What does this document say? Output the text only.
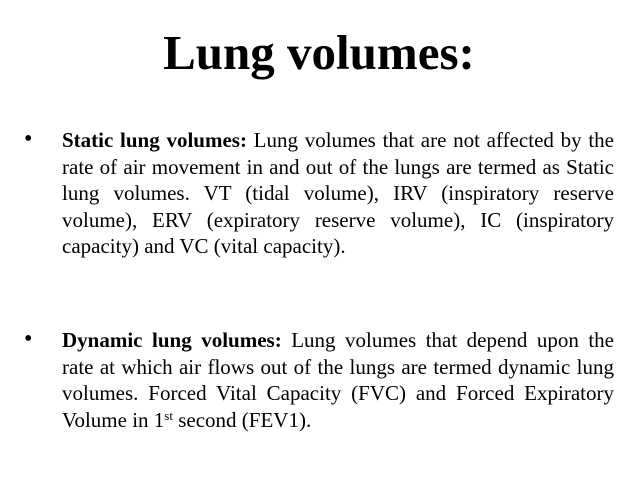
Lung volumes:
• Static lung volumes: Lung volumes that are not affected by the rate of air movement in and out of the lungs are termed as Static lung volumes. VT (tidal volume), IRV (inspiratory reserve volume), ERV (expiratory reserve volume), IC (inspiratory capacity) and VC (vital capacity).
• Dynamic lung volumes: Lung volumes that depend upon the rate at which air flows out of the lungs are termed dynamic lung volumes. Forced Vital Capacity (FVC) and Forced Expiratory Volume in 1st second (FEV1).
